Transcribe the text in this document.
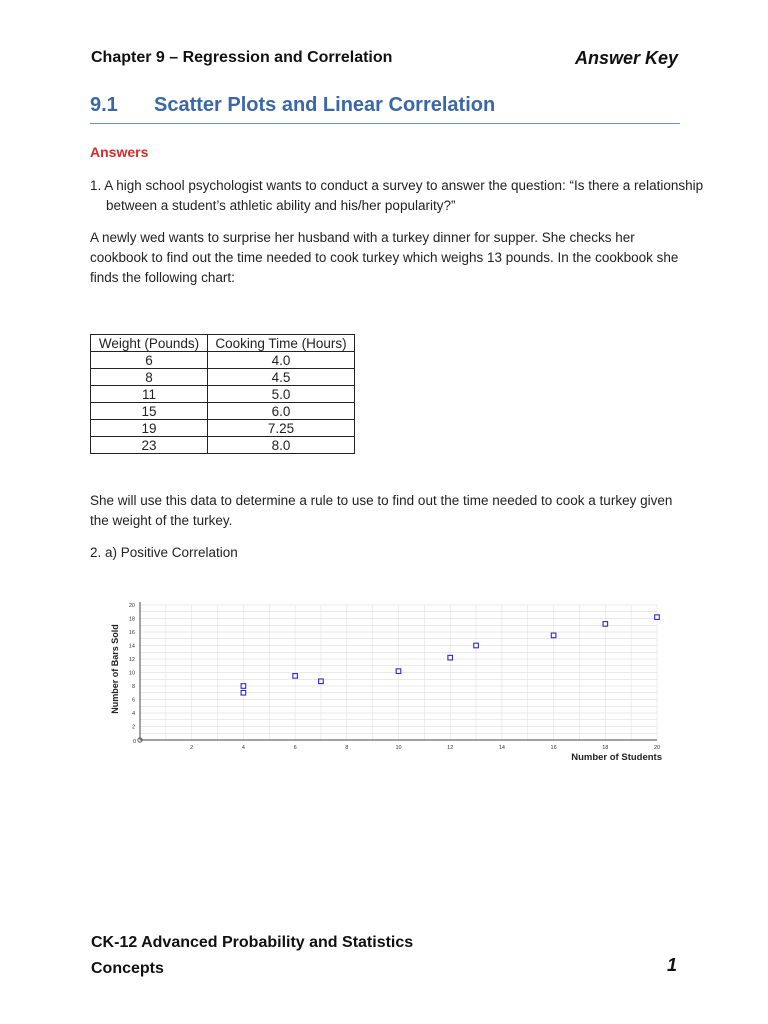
Chapter 9 – Regression and Correlation	Answer Key
9.1 Scatter Plots and Linear Correlation
Answers
1. A high school psychologist wants to conduct a survey to answer the question: “Is there a relationship between a student’s athletic ability and his/her popularity?”
A newly wed wants to surprise her husband with a turkey dinner for supper. She checks her cookbook to find out the time needed to cook turkey which weighs 13 pounds. In the cookbook she finds the following chart:
Weight (Pounds)	Cooking Time (Hours)
6	4.0
8	4.5
11	5.0
15	6.0
19	7.25
23	8.0
She will use this data to determine a rule to use to find out the time needed to cook a turkey given the weight of the turkey.
2. a) Positive Correlation
2	4	6	8	10	12	14	16	18	20
2
4
6
8
10
12
14
16
18
20
0
Number of Bars Sold
Number of Students
CK-12 Advanced Probability and Statistics
Concepts	1
